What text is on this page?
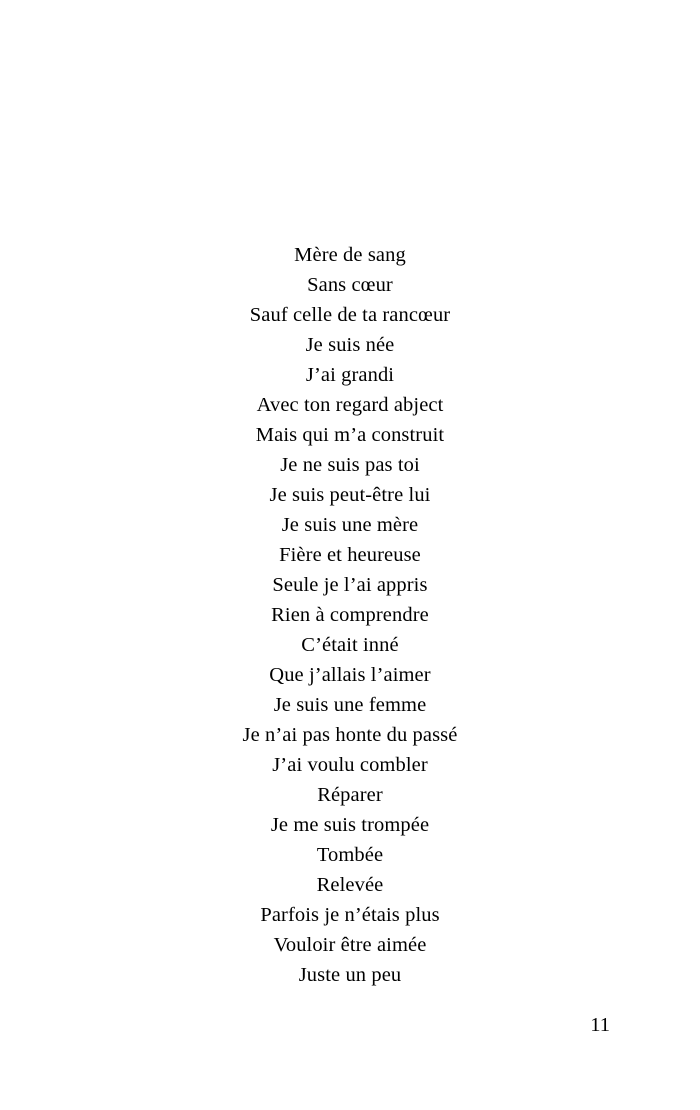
Mère de sang
Sans cœur
Sauf celle de ta rancœur
Je suis née
J’ai grandi
Avec ton regard abject
Mais qui m’a construit
Je ne suis pas toi
Je suis peut-être lui
Je suis une mère
Fière et heureuse
Seule je l’ai appris
Rien à comprendre
C’était inné
Que j’allais l’aimer
Je suis une femme
Je n’ai pas honte du passé
J’ai voulu combler
Réparer
Je me suis trompée
Tombée
Relevée
Parfois je n’étais plus
Vouloir être aimée
Juste un peu
11
